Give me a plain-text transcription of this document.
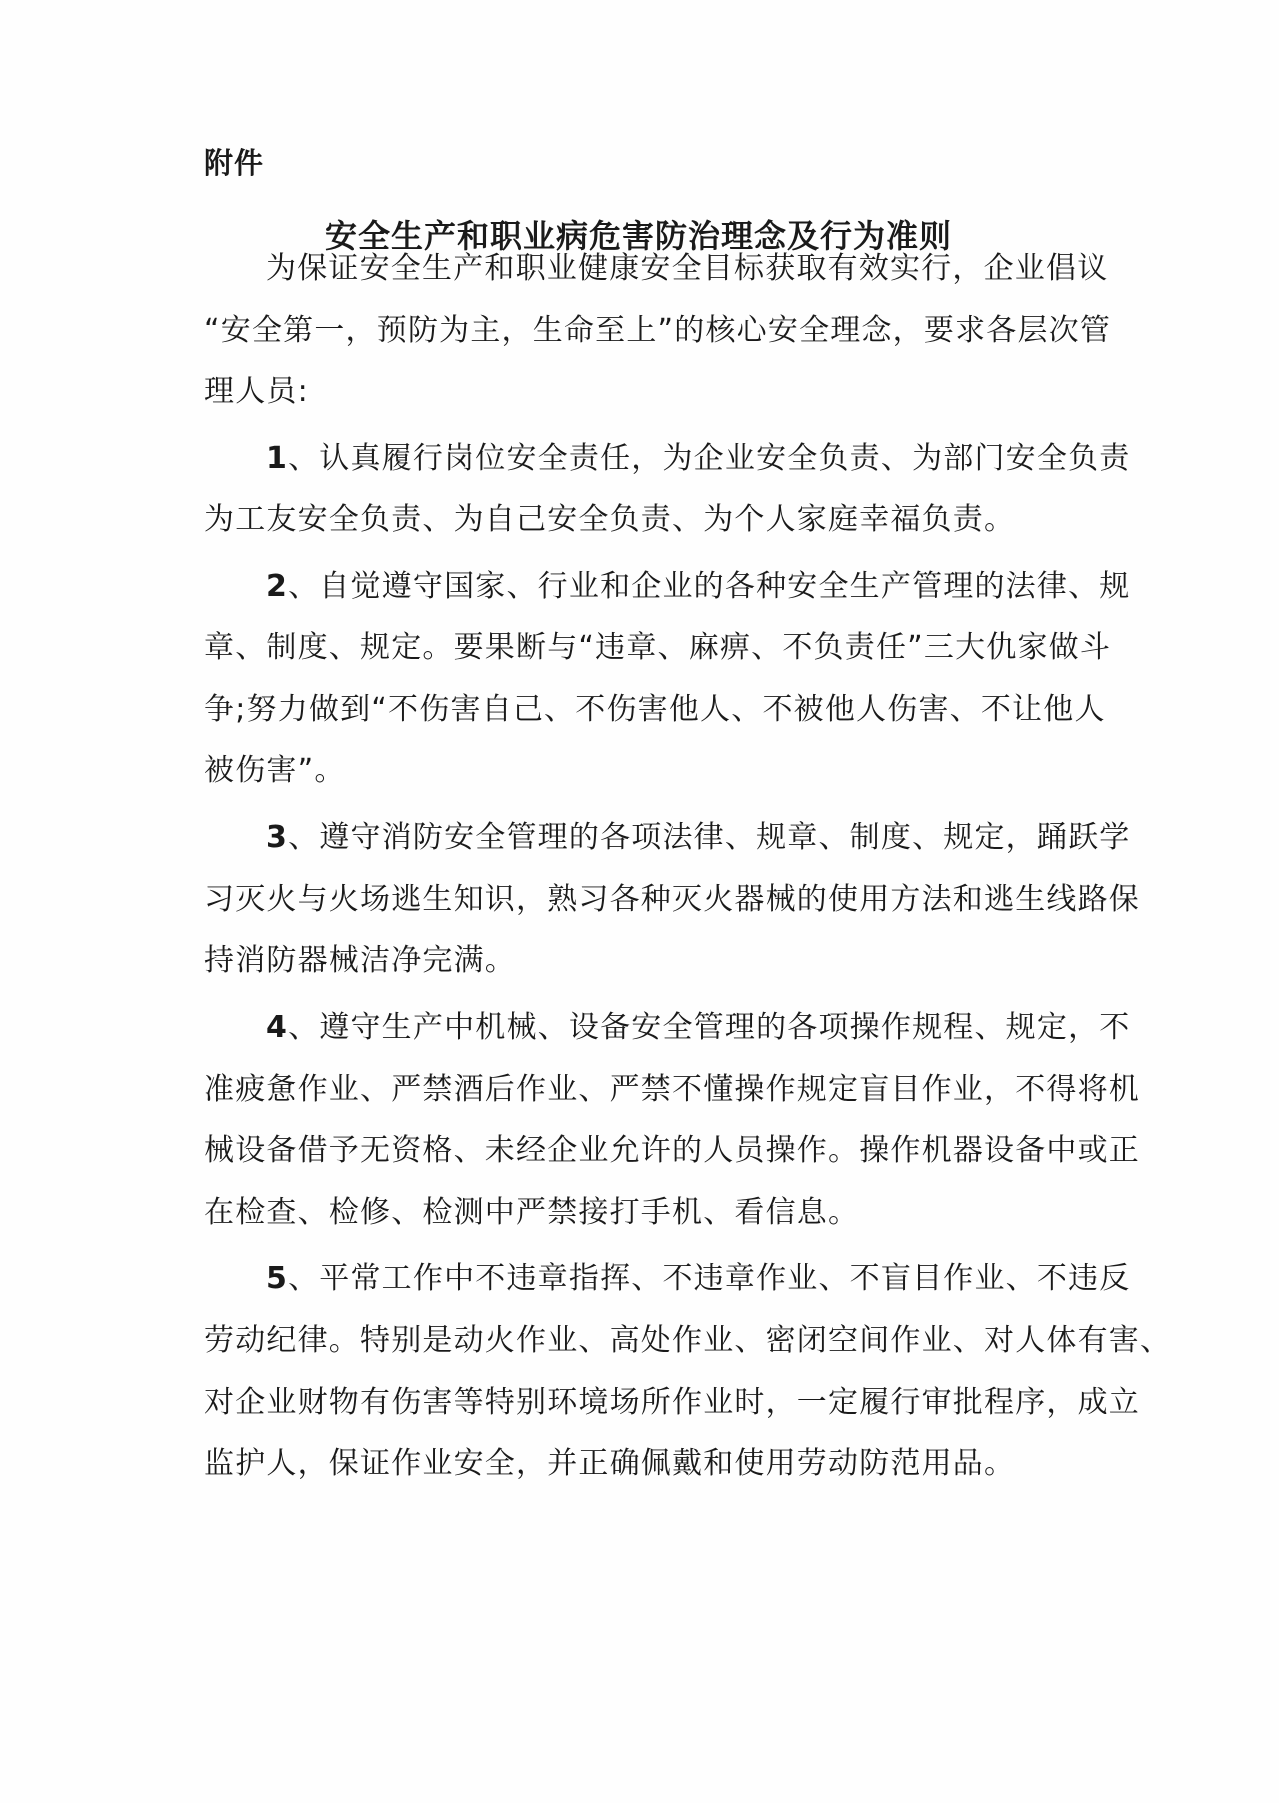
附件
安全生产和职业病危害防治理念及行为准则
为保证安全生产和职业健康安全目标获取有效实行，企业倡议
“安全第一，预防为主，生命至上”的核心安全理念，要求各层次管
理人员:
1、认真履行岗位安全责任，为企业安全负责、为部门安全负责
为工友安全负责、为自己安全负责、为个人家庭幸福负责。
2、自觉遵守国家、行业和企业的各种安全生产管理的法律、规
章、制度、规定。要果断与“违章、麻痹、不负责任”三大仇家做斗
争;努力做到“不伤害自己、不伤害他人、不被他人伤害、不让他人
被伤害”。
3、遵守消防安全管理的各项法律、规章、制度、规定，踊跃学
习灭火与火场逃生知识，熟习各种灭火器械的使用方法和逃生线路保
持消防器械洁净完满。
4、遵守生产中机械、设备安全管理的各项操作规程、规定，不
准疲惫作业、严禁酒后作业、严禁不懂操作规定盲目作业，不得将机
械设备借予无资格、未经企业允许的人员操作。操作机器设备中或正
在检查、检修、检测中严禁接打手机、看信息。
5、平常工作中不违章指挥、不违章作业、不盲目作业、不违反
劳动纪律。特别是动火作业、高处作业、密闭空间作业、对人体有害、
对企业财物有伤害等特别环境场所作业时，一定履行审批程序，成立
监护人，保证作业安全，并正确佩戴和使用劳动防范用品。
